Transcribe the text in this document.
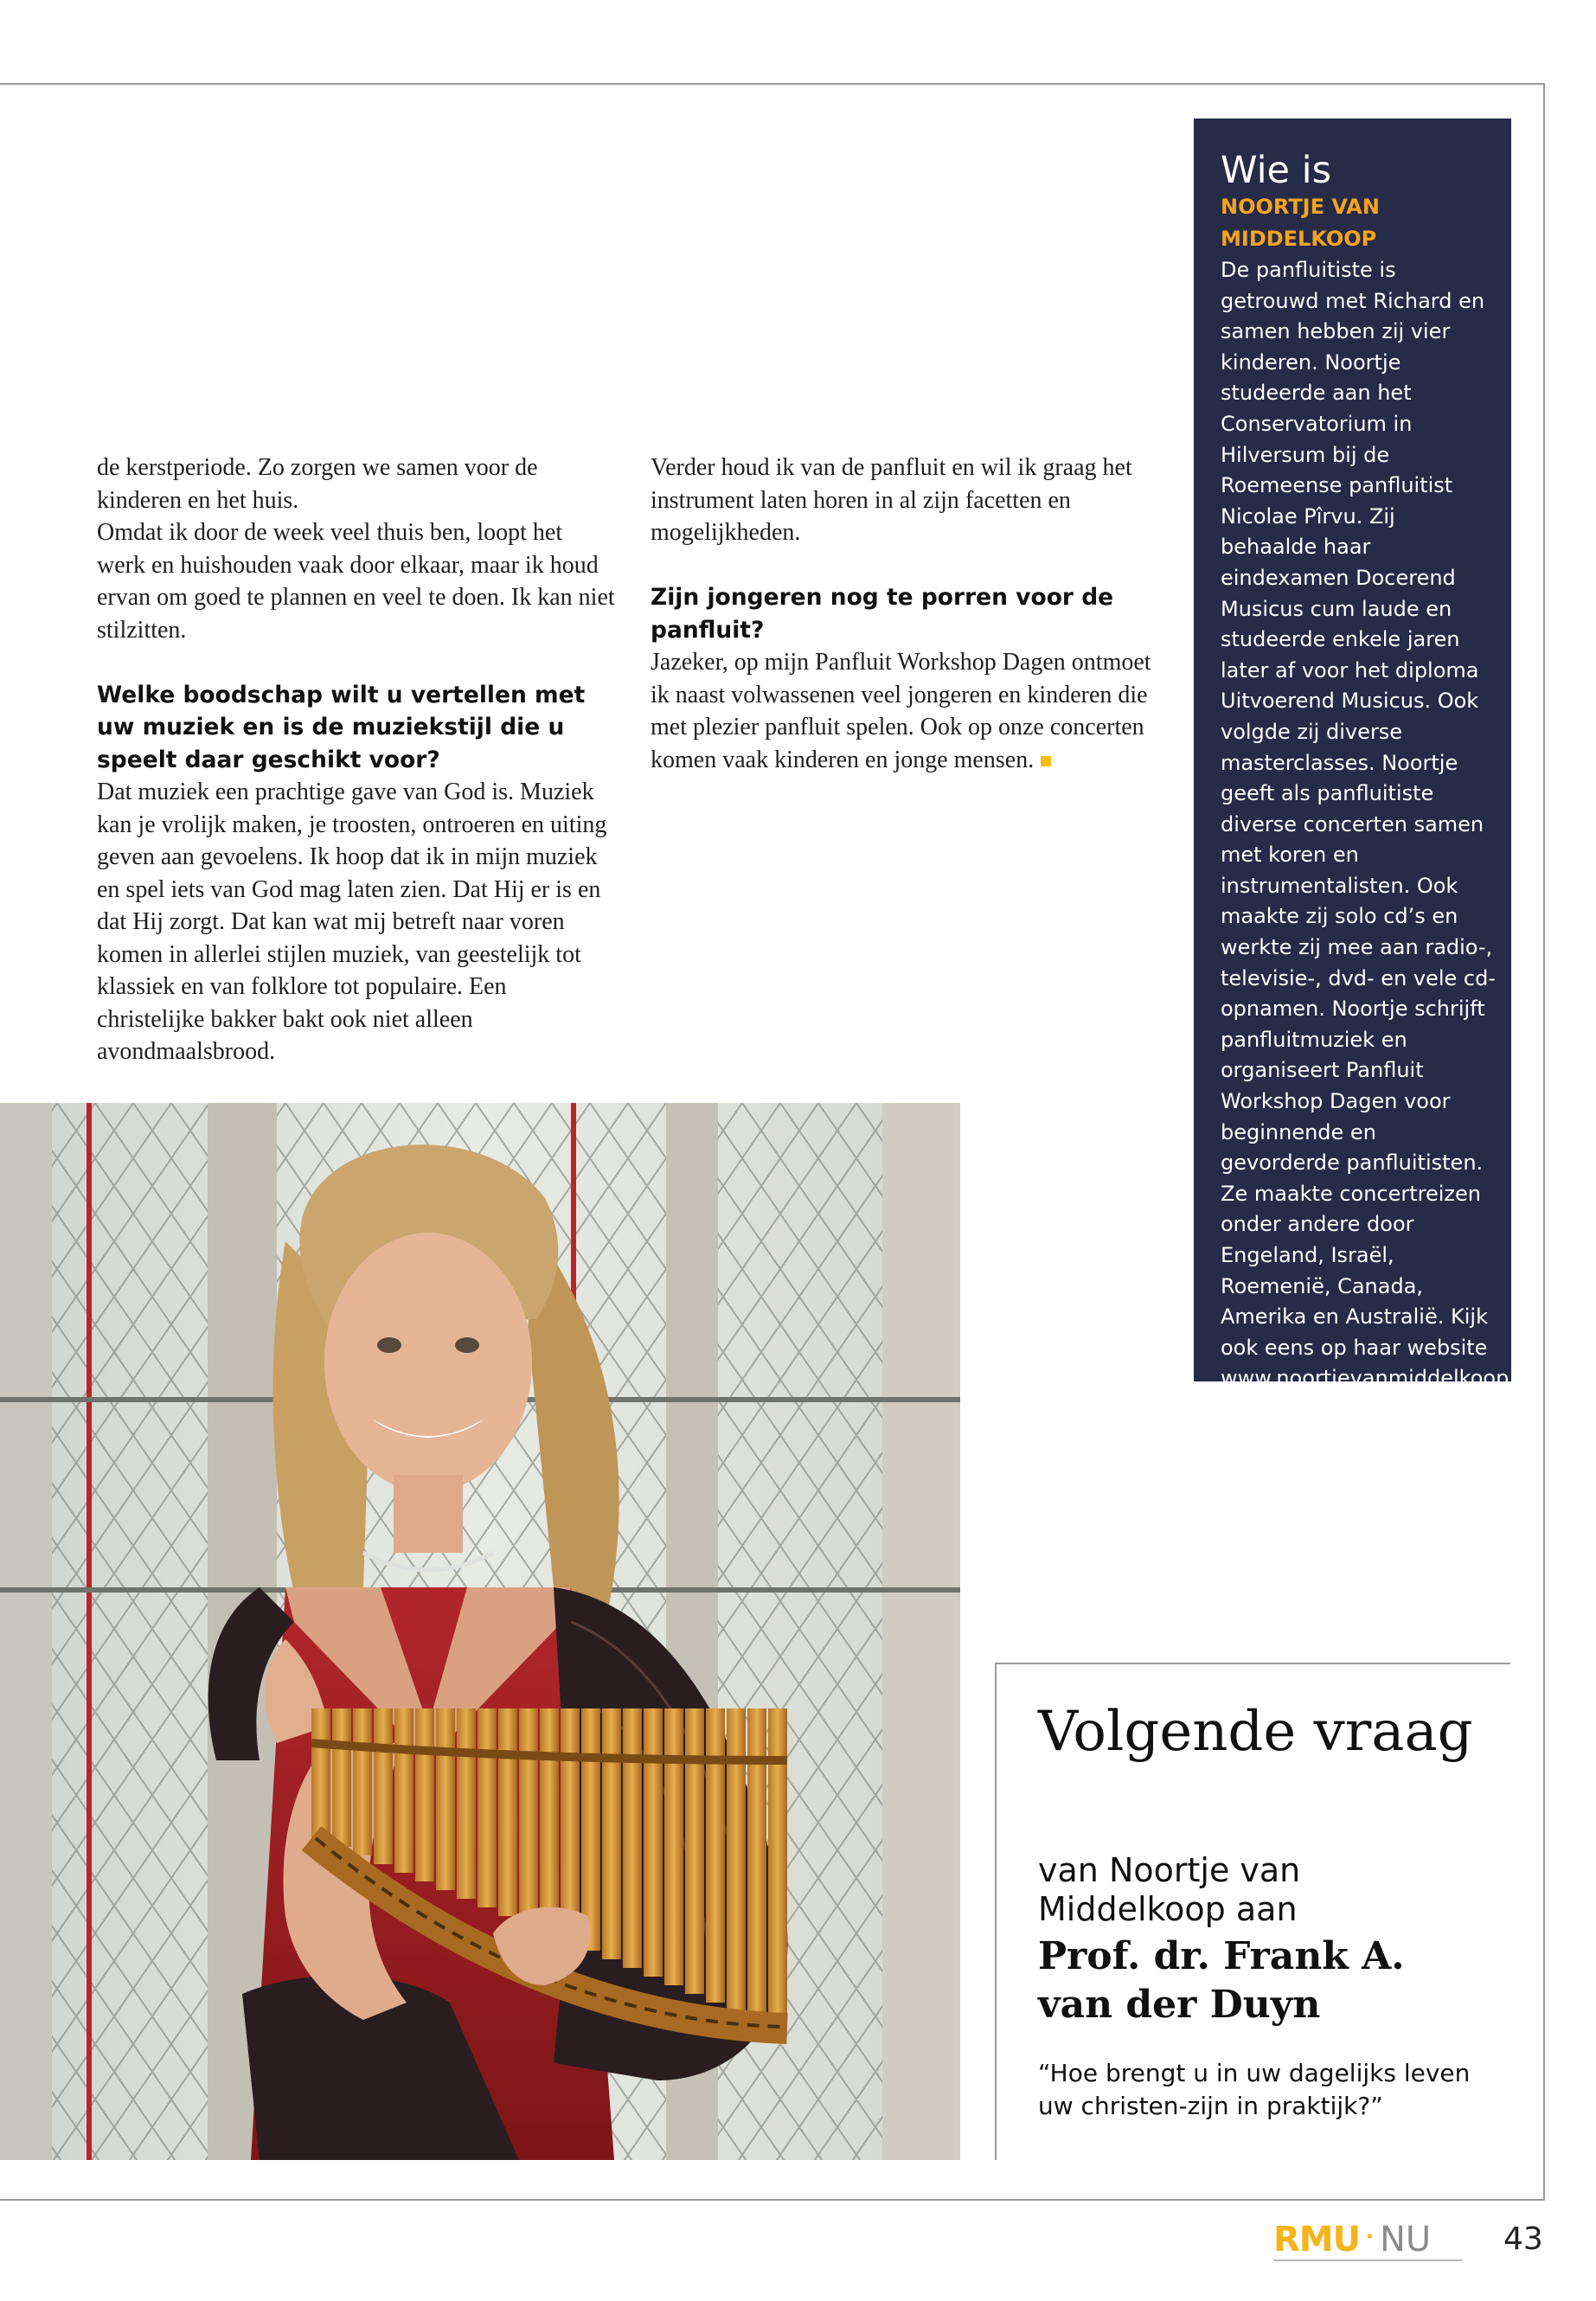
de kerstperiode. Zo zorgen we samen voor de kinderen en het huis.

Omdat ik door de week veel thuis ben, loopt het werk en huishouden vaak door elkaar, maar ik houd ervan om goed te plannen en veel te doen. Ik kan niet stilzitten.

Welke boodschap wilt u vertellen met uw muziek en is de muziekstijl die u speelt daar geschikt voor?

Dat muziek een prachtige gave van God is. Muziek kan je vrolijk maken, je troosten, ontroeren en uiting geven aan gevoelens. Ik hoop dat ik in mijn muziek en spel iets van God mag laten zien. Dat Hij er is en dat Hij zorgt. Dat kan wat mij betreft naar voren komen in allerlei stijlen muziek, van geestelijk tot klassiek en van folklore tot populaire. Een christelijke bakker bakt ook niet alleen avondmaalsbrood.

Verder houd ik van de panfluit en wil ik graag het instrument laten horen in al zijn facetten en mogelijkheden.

Zijn jongeren nog te porren voor de panfluit?

Jazeker, op mijn Panfluit Workshop Dagen ontmoet ik naast volwassenen veel jongeren en kinderen die met plezier panfluit spelen. Ook op onze concerten komen vaak kinderen en jonge mensen.

Wie is
NOORTJE VAN MIDDELKOOP

De panfluitiste is getrouwd met Richard en samen hebben zij vier kinderen. Noortje studeerde aan het Conservatorium in Hilversum bij de Roemeense panfluitist Nicolae Pîrvu. Zij behaalde haar eindexamen Docerend Musicus cum laude en studeerde enkele jaren later af voor het diploma Uitvoerend Musicus. Ook volgde zij diverse masterclasses. Noortje geeft als panfluitiste diverse concerten samen met koren en instrumentalisten. Ook maakte zij solo cd’s en werkte zij mee aan radio-, televisie-, dvd- en vele cd-opnamen. Noortje schrijft panfluitmuziek en organiseert Panfluit Workshop Dagen voor beginnende en gevorderde panfluitisten. Ze maakte concertreizen onder andere door Engeland, Israël, Roemenië, Canada, Amerika en Australië. Kijk ook eens op haar website www.noortjevanmiddelkoop.nl.

Volgende vraag
van Noortje van Middelkoop aan
Prof. dr. Frank A. van der Duyn
“Hoe brengt u in uw dagelijks leven uw christen-zijn in praktijk?”
RMU · NU 43
